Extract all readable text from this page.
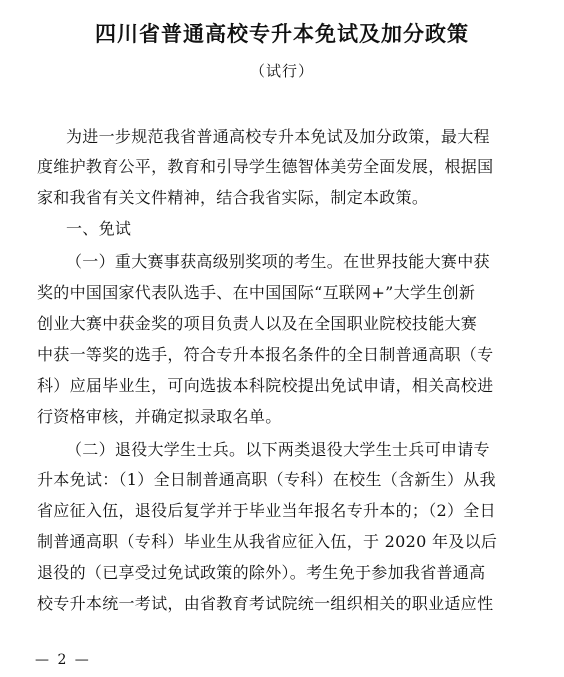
四川省普通高校专升本免试及加分政策
（试行）
为进一步规范我省普通高校专升本免试及加分政策，最大程
度维护教育公平，教育和引导学生德智体美劳全面发展，根据国
家和我省有关文件精神，结合我省实际，制定本政策。
一、免试
（一）重大赛事获高级别奖项的考生。在世界技能大赛中获
奖的中国国家代表队选手、在中国国际“互联网+”大学生创新
创业大赛中获金奖的项目负责人以及在全国职业院校技能大赛
中获一等奖的选手，符合专升本报名条件的全日制普通高职（专
科）应届毕业生，可向选拔本科院校提出免试申请，相关高校进
行资格审核，并确定拟录取名单。
（二）退役大学生士兵。以下两类退役大学生士兵可申请专
升本免试：（1）全日制普通高职（专科）在校生（含新生）从我
省应征入伍，退役后复学并于毕业当年报名专升本的；（2）全日
制普通高职（专科）毕业生从我省应征入伍，于 2020 年及以后
退役的（已享受过免试政策的除外）。考生免于参加我省普通高
校专升本统一考试，由省教育考试院统一组织相关的职业适应性
— 2 —
